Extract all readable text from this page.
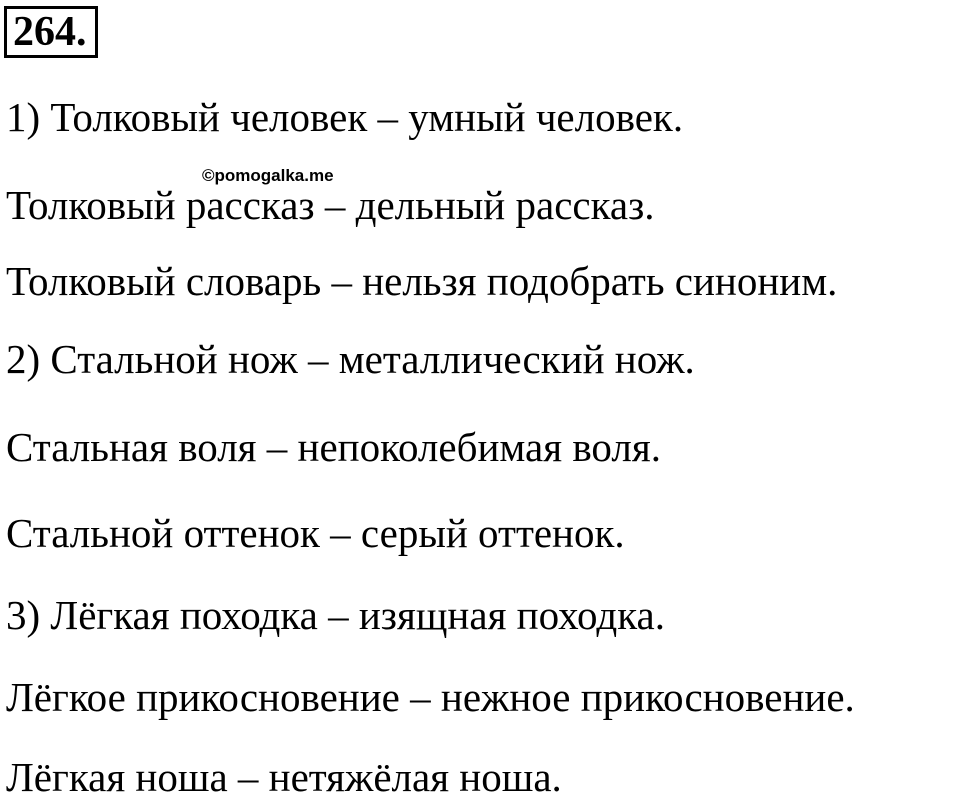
264.
1) Толковый человек – умный человек.
©pomogalka.me
Толковый рассказ – дельный рассказ.
Толковый словарь – нельзя подобрать синоним.
2) Стальной нож – металлический нож.
Стальная воля – непоколебимая воля.
Стальной оттенок – серый оттенок.
3) Лёгкая походка – изящная походка.
Лёгкое прикосновение – нежное прикосновение.
Лёгкая ноша – нетяжёлая ноша.
